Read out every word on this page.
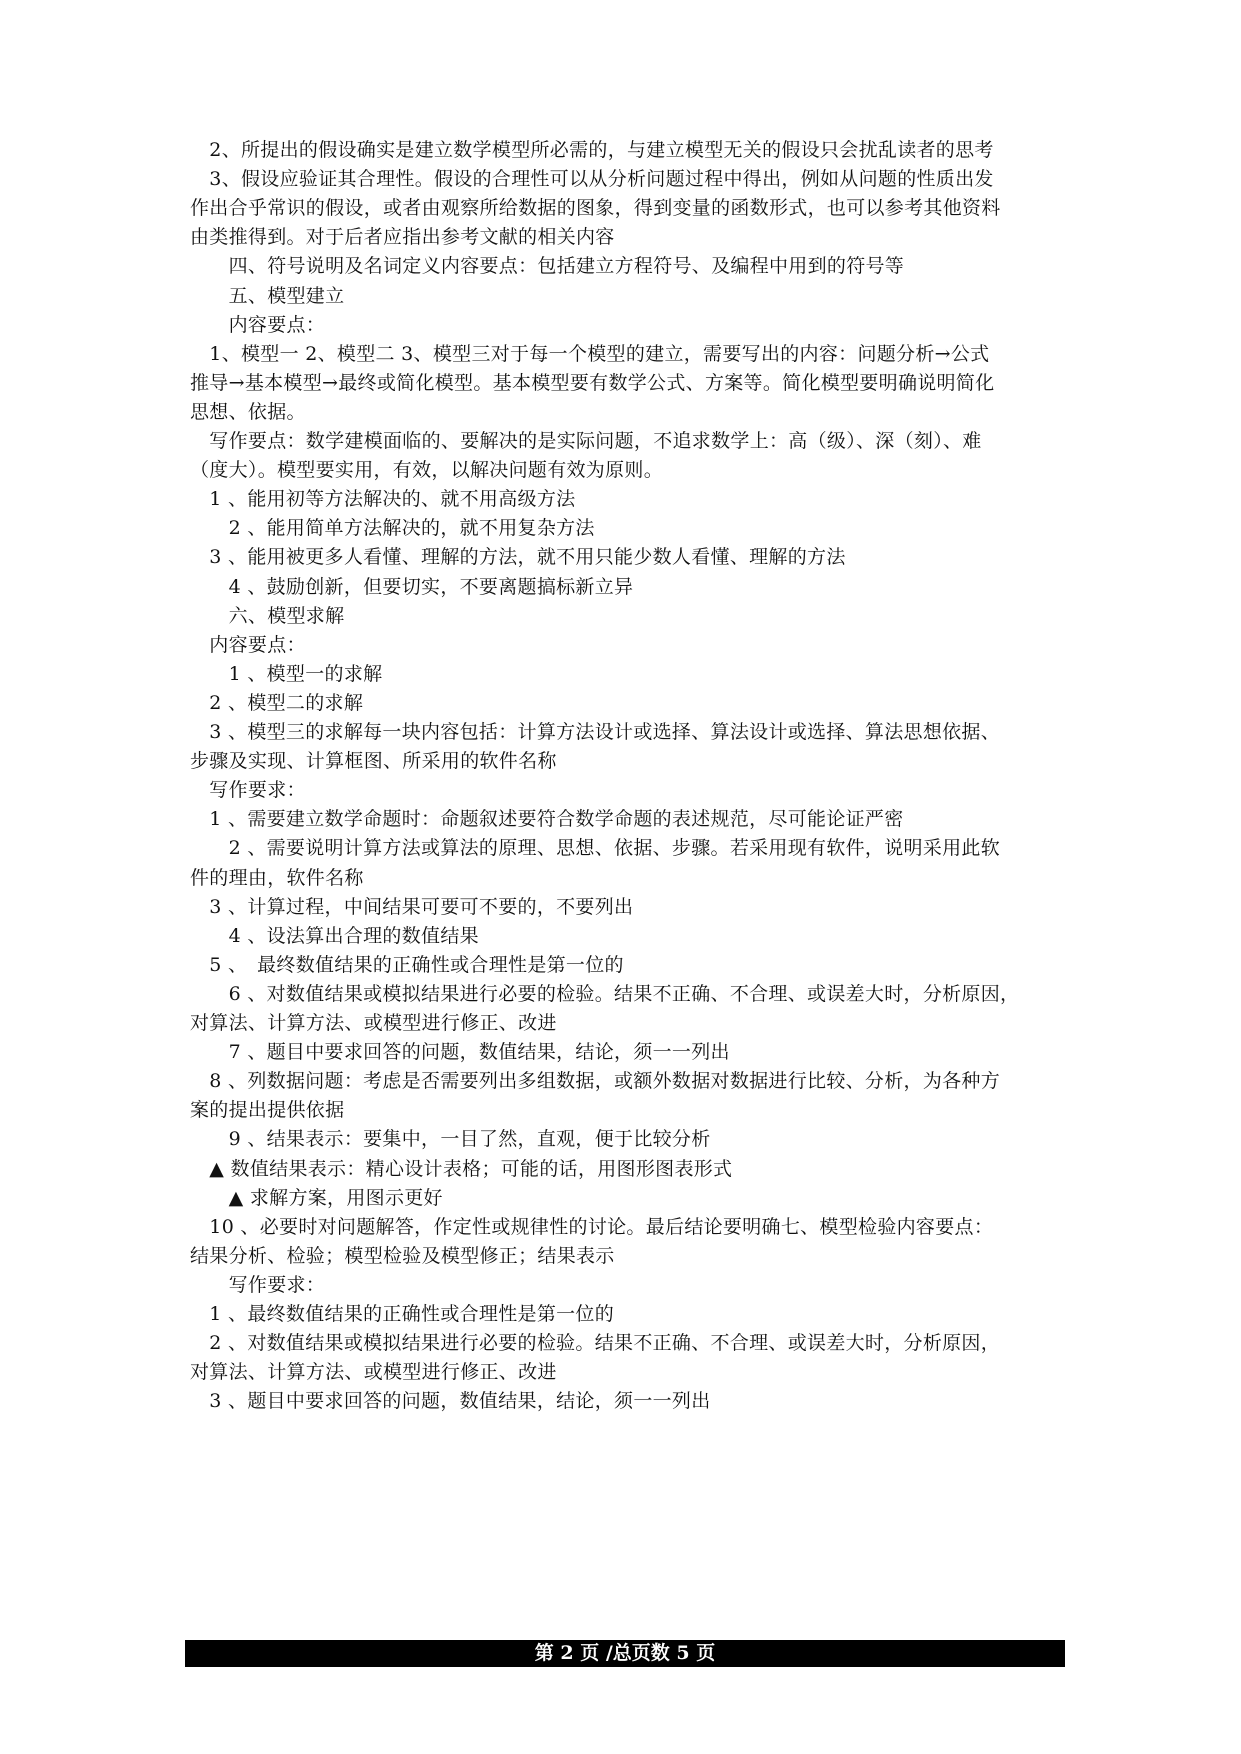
　2、所提出的假设确实是建立数学模型所必需的，与建立模型无关的假设只会扰乱读者的思考
　3、假设应验证其合理性。假设的合理性可以从分析问题过程中得出，例如从问题的性质出发
作出合乎常识的假设，或者由观察所给数据的图象，得到变量的函数形式，也可以参考其他资料
由类推得到。对于后者应指出参考文献的相关内容
　　四、符号说明及名词定义内容要点：包括建立方程符号、及编程中用到的符号等
　　五、模型建立
　　内容要点：
　1、模型一 2、模型二 3、模型三对于每一个模型的建立，需要写出的内容：问题分析→公式
推导→基本模型→最终或简化模型。基本模型要有数学公式、方案等。简化模型要明确说明简化
思想、依据。
　写作要点：数学建模面临的、要解决的是实际问题，不追求数学上：高（级）、深（刻）、难
（度大）。模型要实用，有效，以解决问题有效为原则。
　1 、能用初等方法解决的、就不用高级方法
　　2 、能用简单方法解决的，就不用复杂方法
　3 、能用被更多人看懂、理解的方法，就不用只能少数人看懂、理解的方法
　　4 、鼓励创新，但要切实，不要离题搞标新立异
　　六、模型求解
　内容要点：
　　1 、模型一的求解
　2 、模型二的求解
　3 、模型三的求解每一块内容包括：计算方法设计或选择、算法设计或选择、算法思想依据、
步骤及实现、计算框图、所采用的软件名称
　写作要求：
　1 、需要建立数学命题时：命题叙述要符合数学命题的表述规范，尽可能论证严密
　　2 、需要说明计算方法或算法的原理、思想、依据、步骤。若采用现有软件，说明采用此软
件的理由，软件名称
　3 、计算过程，中间结果可要可不要的，不要列出
　　4 、设法算出合理的数值结果
　5 、　最终数值结果的正确性或合理性是第一位的
　　6 、对数值结果或模拟结果进行必要的检验。结果不正确、不合理、或误差大时，分析原因，
对算法、计算方法、或模型进行修正、改进
　　7 、题目中要求回答的问题，数值结果，结论，须一一列出
　8 、列数据问题：考虑是否需要列出多组数据，或额外数据对数据进行比较、分析，为各种方
案的提出提供依据
　　9 、结果表示：要集中，一目了然，直观，便于比较分析
　▲ 数值结果表示：精心设计表格；可能的话，用图形图表形式
　　▲ 求解方案，用图示更好
　10 、必要时对问题解答，作定性或规律性的讨论。最后结论要明确七、模型检验内容要点：
结果分析、检验；模型检验及模型修正；结果表示
　　写作要求：
　1 、最终数值结果的正确性或合理性是第一位的
　2 、对数值结果或模拟结果进行必要的检验。结果不正确、不合理、或误差大时，分析原因，
对算法、计算方法、或模型进行修正、改进
　3 、题目中要求回答的问题，数值结果，结论，须一一列出
第 2 页 /总页数 5 页
